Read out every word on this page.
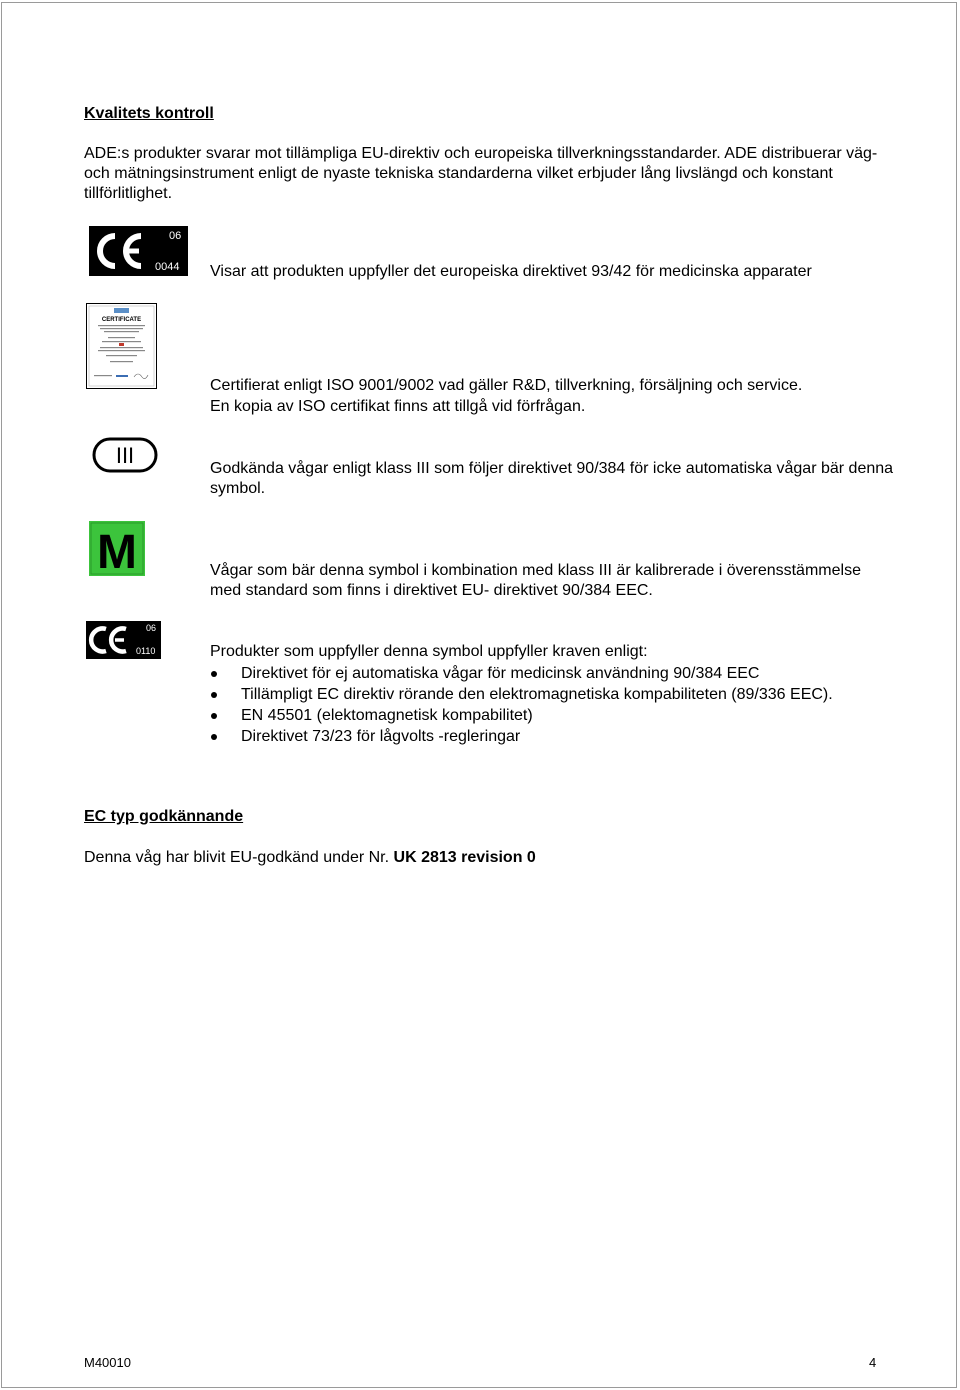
Kvalitets kontroll
ADE:s produkter svarar mot tillämpliga EU-direktiv och europeiska tillverkningsstandarder. ADE distribuerar väg- och mätningsinstrument enligt de nyaste tekniska standarderna vilket erbjuder lång livslängd och konstant tillförlitlighet.
06
0044 Visar att produkten uppfyller det europeiska direktivet 93/42 för medicinska apparater
CERTIFICATE
Certifierat enligt ISO 9001/9002 vad gäller R&D, tillverkning, försäljning och service.
En kopia av ISO certifikat finns att tillgå vid förfrågan.
III
Godkända vågar enligt klass III som följer direktivet 90/384 för icke automatiska vågar bär denna symbol.
M	Vågar som bär denna symbol i kombination med klass III är kalibrerade i överensstämmelse med standard som finns i direktivet EU- direktivet 90/384 EEC.
06
0110	Produkter som uppfyller denna symbol uppfyller kraven enligt:
Direktivet för ej automatiska vågar för medicinsk användning 90/384 EEC
Tillämpligt EC direktiv rörande den elektromagnetiska kompabiliteten (89/336 EEC).
EN 45501 (elektomagnetisk kompabilitet)
Direktivet 73/23 för lågvolts -regleringar
EC typ godkännande
Denna våg har blivit EU-godkänd under Nr. UK 2813 revision 0
M40010	4
